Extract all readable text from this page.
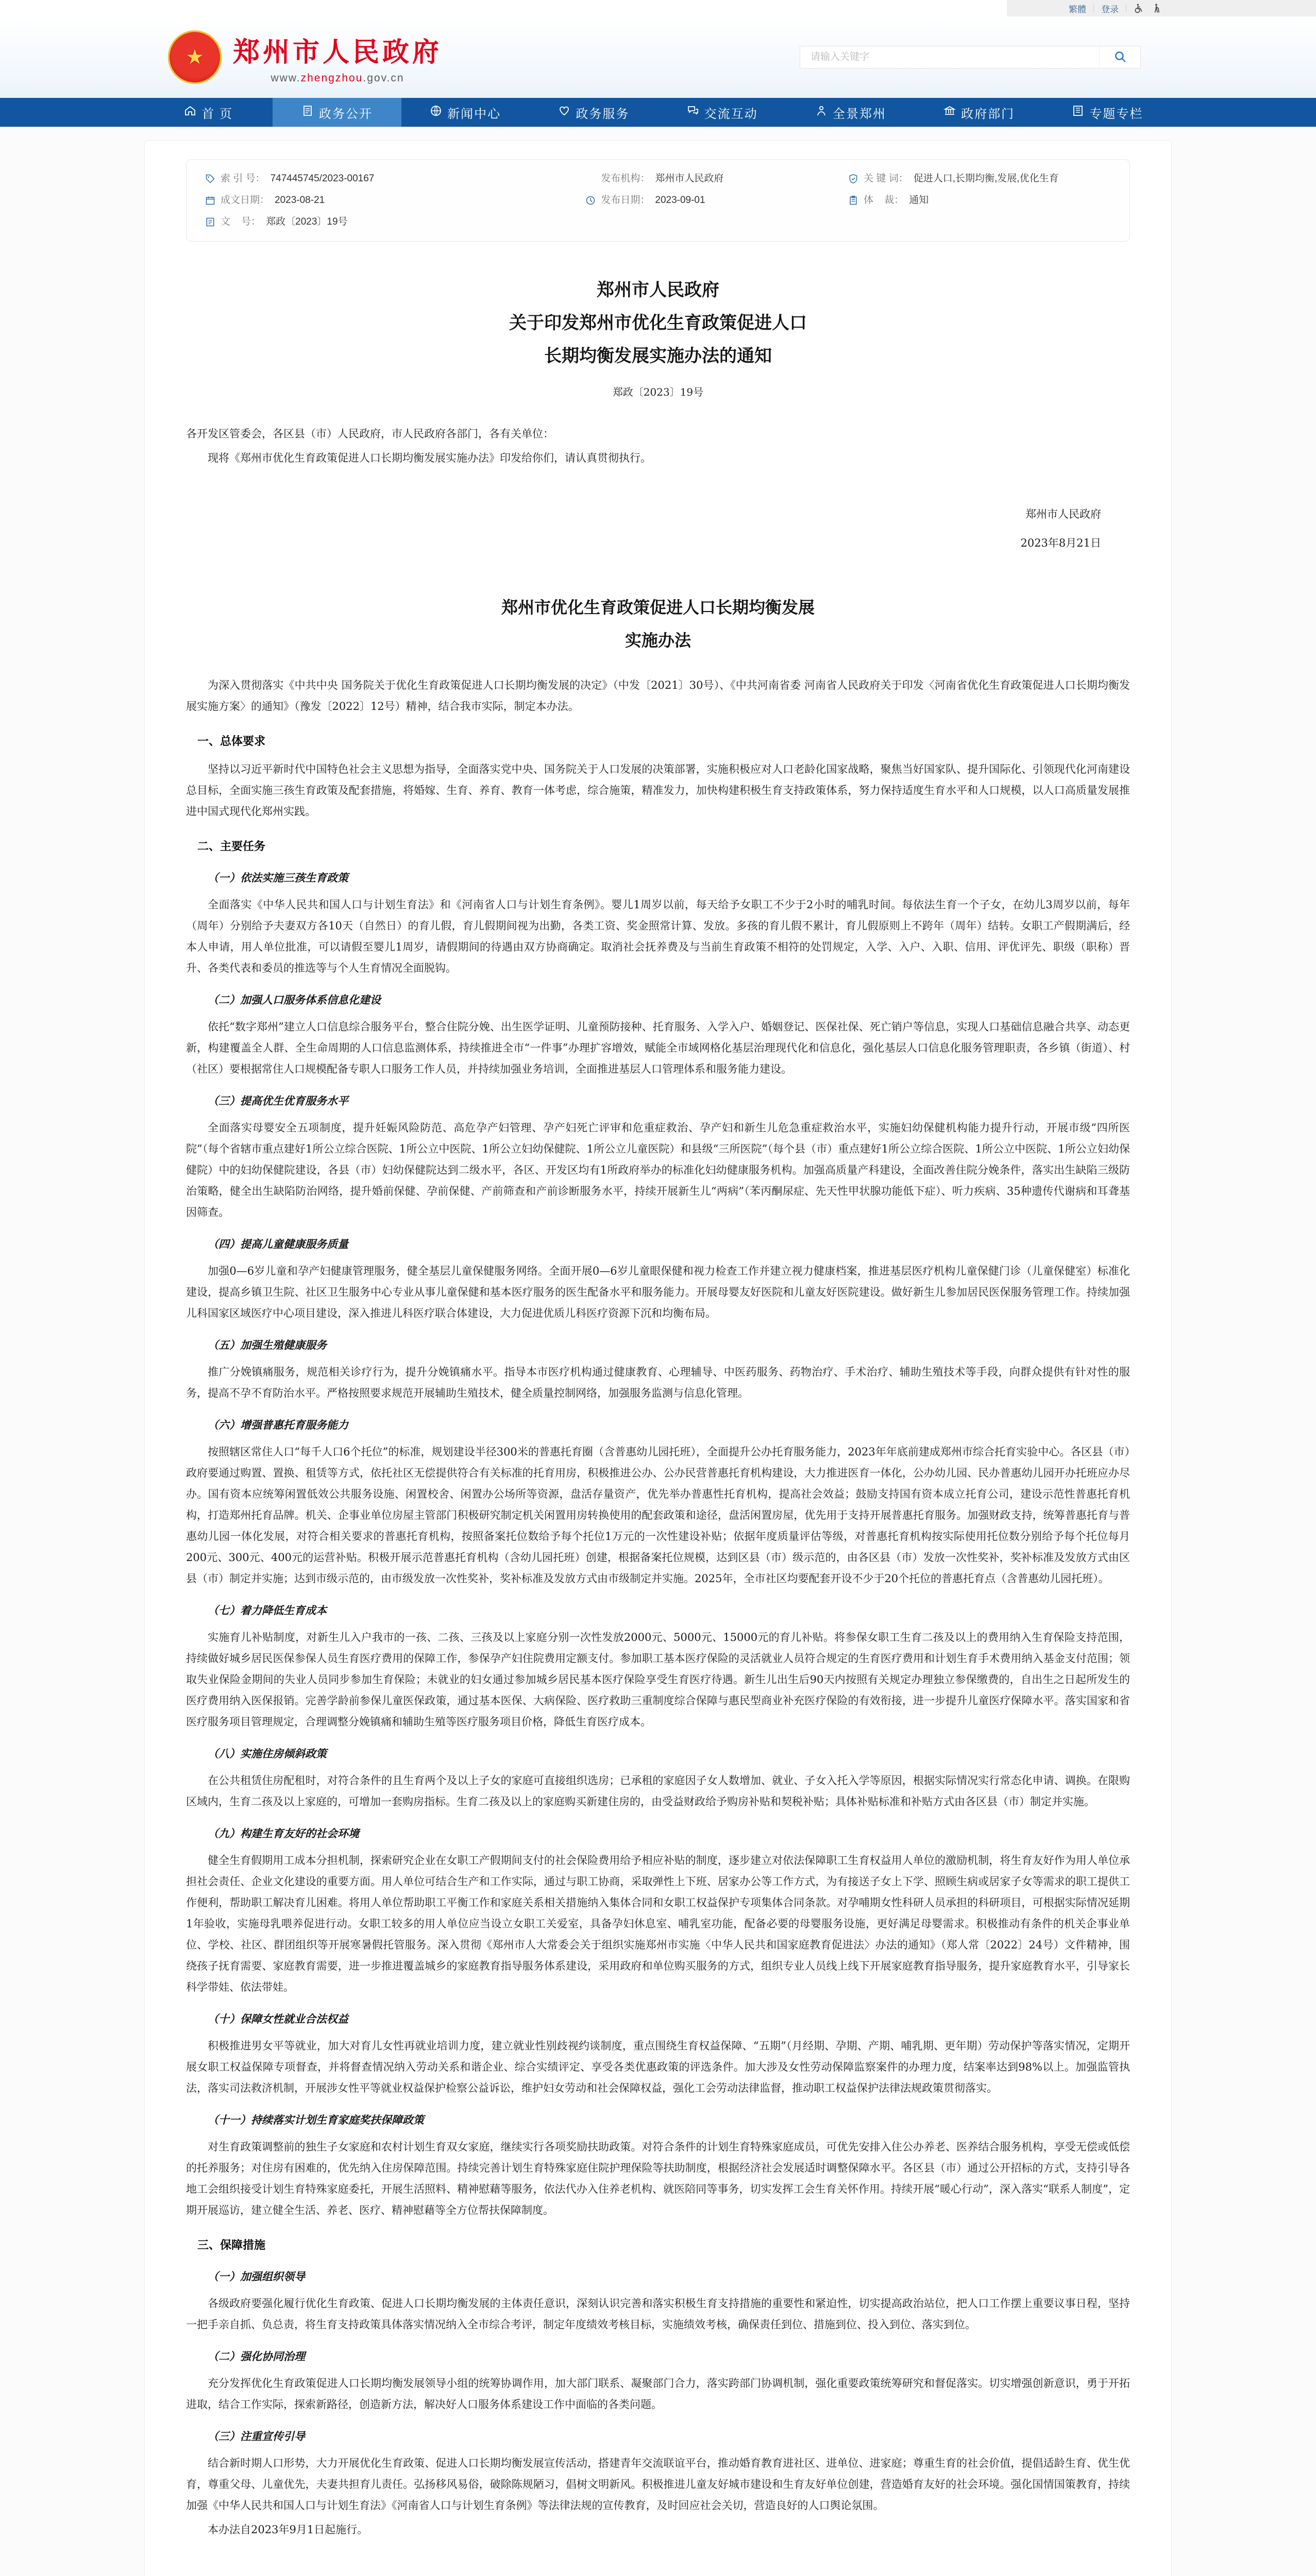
繁體 登录
★ 郑州市人民政府
www.zhengzhou.gov.cn
请输入关键字
首 页	政务公开	新闻中心	政务服务	交流互动	全景郑州	政府部门	专题专栏
索 引 号： 747445745/2023-00167
成文日期： 2023-08-21
文    号： 郑政〔2023〕19号
发布机构： 郑州市人民政府
发布日期： 2023-09-01
关 键 词： 促进人口,长期均衡,发展,优化生育
体    裁： 通知
郑州市人民政府
关于印发郑州市优化生育政策促进人口
长期均衡发展实施办法的通知
郑政〔2023〕19号

各开发区管委会，各区县（市）人民政府，市人民政府各部门，各有关单位：

现将《郑州市优化生育政策促进人口长期均衡发展实施办法》印发给你们，请认真贯彻执行。

郑州市人民政府
2023年8月21日
郑州市优化生育政策促进人口长期均衡发展
实施办法

为深入贯彻落实《中共中央 国务院关于优化生育政策促进人口长期均衡发展的决定》（中发〔2021〕30号）、《中共河南省委 河南省人民政府关于印发〈河南省优化生育政策促进人口长期均衡发展实施方案〉的通知》（豫发〔2022〕12号）精神，结合我市实际，制定本办法。

一、总体要求

坚持以习近平新时代中国特色社会主义思想为指导，全面落实党中央、国务院关于人口发展的决策部署，实施积极应对人口老龄化国家战略，聚焦当好国家队、提升国际化、引领现代化河南建设总目标，全面实施三孩生育政策及配套措施，将婚嫁、生育、养育、教育一体考虑，综合施策，精准发力，加快构建积极生育支持政策体系，努力保持适度生育水平和人口规模，以人口高质量发展推进中国式现代化郑州实践。

二、主要任务
（一）依法实施三孩生育政策

全面落实《中华人民共和国人口与计划生育法》和《河南省人口与计划生育条例》。婴儿1周岁以前，每天给予女职工不少于2小时的哺乳时间。每依法生育一个子女，在幼儿3周岁以前，每年（周年）分别给予夫妻双方各10天（自然日）的育儿假，育儿假期间视为出勤，各类工资、奖金照常计算、发放。多孩的育儿假不累计，育儿假原则上不跨年（周年）结转。女职工产假期满后，经本人申请，用人单位批准，可以请假至婴儿1周岁，请假期间的待遇由双方协商确定。取消社会抚养费及与当前生育政策不相符的处罚规定，入学、入户、入职、信用、评优评先、职级（职称）晋升、各类代表和委员的推选等与个人生育情况全面脱钩。

（二）加强人口服务体系信息化建设

依托“数字郑州”建立人口信息综合服务平台，整合住院分娩、出生医学证明、儿童预防接种、托育服务、入学入户、婚姻登记、医保社保、死亡销户等信息，实现人口基础信息融合共享、动态更新，构建覆盖全人群、全生命周期的人口信息监测体系，持续推进全市“一件事”办理扩容增效，赋能全市域网格化基层治理现代化和信息化，强化基层人口信息化服务管理职责，各乡镇（街道）、村（社区）要根据常住人口规模配备专职人口服务工作人员，并持续加强业务培训，全面推进基层人口管理体系和服务能力建设。

（三）提高优生优育服务水平

全面落实母婴安全五项制度，提升妊娠风险防范、高危孕产妇管理、孕产妇死亡评审和危重症救治、孕产妇和新生儿危急重症救治水平，实施妇幼保健机构能力提升行动，开展市级“四所医院”（每个省辖市重点建好1所公立综合医院、1所公立中医院、1所公立妇幼保健院、1所公立儿童医院）和县级“三所医院”（每个县（市）重点建好1所公立综合医院、1所公立中医院、1所公立妇幼保健院）中的妇幼保健院建设，各县（市）妇幼保健院达到二级水平，各区、开发区均有1所政府举办的标准化妇幼健康服务机构。加强高质量产科建设，全面改善住院分娩条件，落实出生缺陷三级防治策略，健全出生缺陷防治网络，提升婚前保健、孕前保健、产前筛查和产前诊断服务水平，持续开展新生儿“两病”（苯丙酮尿症、先天性甲状腺功能低下症）、听力疾病、35种遗传代谢病和耳聋基因筛查。

（四）提高儿童健康服务质量

加强0—6岁儿童和孕产妇健康管理服务，健全基层儿童保健服务网络。全面开展0—6岁儿童眼保健和视力检查工作并建立视力健康档案，推进基层医疗机构儿童保健门诊（儿童保健室）标准化建设，提高乡镇卫生院、社区卫生服务中心专业从事儿童保健和基本医疗服务的医生配备水平和服务能力。开展母婴友好医院和儿童友好医院建设。做好新生儿参加居民医保服务管理工作。持续加强儿科国家区域医疗中心项目建设，深入推进儿科医疗联合体建设，大力促进优质儿科医疗资源下沉和均衡布局。

（五）加强生殖健康服务

推广分娩镇痛服务，规范相关诊疗行为，提升分娩镇痛水平。指导本市医疗机构通过健康教育、心理辅导、中医药服务、药物治疗、手术治疗、辅助生殖技术等手段，向群众提供有针对性的服务，提高不孕不育防治水平。严格按照要求规范开展辅助生殖技术，健全质量控制网络，加强服务监测与信息化管理。

（六）增强普惠托育服务能力

按照辖区常住人口“每千人口6个托位”的标准，规划建设半径300米的普惠托育圈（含普惠幼儿园托班），全面提升公办托育服务能力，2023年年底前建成郑州市综合托育实验中心。各区县（市）政府要通过购置、置换、租赁等方式，依托社区无偿提供符合有关标准的托育用房，积极推进公办、公办民营普惠托育机构建设，大力推进医育一体化，公办幼儿园、民办普惠幼儿园开办托班应办尽办。国有资本应统筹闲置低效公共服务设施、闲置校舍、闲置办公场所等资源，盘活存量资产，优先举办普惠性托育机构，提高社会效益；鼓励支持国有资本成立托育公司，建设示范性普惠托育机构，打造郑州托育品牌。机关、企事业单位房屋主管部门积极研究制定机关闲置用房转换使用的配套政策和途径，盘活闲置房屋，优先用于支持开展普惠托育服务。加强财政支持，统筹普惠托育与普惠幼儿园一体化发展，对符合相关要求的普惠托育机构，按照备案托位数给予每个托位1万元的一次性建设补贴；依据年度质量评估等级，对普惠托育机构按实际使用托位数分别给予每个托位每月200元、300元、400元的运营补贴。积极开展示范普惠托育机构（含幼儿园托班）创建，根据备案托位规模，达到区县（市）级示范的，由各区县（市）发放一次性奖补，奖补标准及发放方式由区县（市）制定并实施；达到市级示范的，由市级发放一次性奖补，奖补标准及发放方式由市级制定并实施。2025年，全市社区均要配套开设不少于20个托位的普惠托育点（含普惠幼儿园托班）。

（七）着力降低生育成本

实施育儿补贴制度，对新生儿入户我市的一孩、二孩、三孩及以上家庭分别一次性发放2000元、5000元、15000元的育儿补贴。将参保女职工生育二孩及以上的费用纳入生育保险支持范围，持续做好城乡居民医保参保人员生育医疗费用的保障工作，参保孕产妇住院费用定额支付。参加职工基本医疗保险的灵活就业人员符合规定的生育医疗费用和计划生育手术费用纳入基金支付范围；领取失业保险金期间的失业人员同步参加生育保险；未就业的妇女通过参加城乡居民基本医疗保险享受生育医疗待遇。新生儿出生后90天内按照有关规定办理独立参保缴费的，自出生之日起所发生的医疗费用纳入医保报销。完善学龄前参保儿童医保政策，通过基本医保、大病保险、医疗救助三重制度综合保障与惠民型商业补充医疗保险的有效衔接，进一步提升儿童医疗保障水平。落实国家和省医疗服务项目管理规定，合理调整分娩镇痛和辅助生殖等医疗服务项目价格，降低生育医疗成本。

（八）实施住房倾斜政策

在公共租赁住房配租时，对符合条件的且生育两个及以上子女的家庭可直接组织选房；已承租的家庭因子女人数增加、就业、子女入托入学等原因，根据实际情况实行常态化申请、调换。在限购区域内，生育二孩及以上家庭的，可增加一套购房指标。生育二孩及以上的家庭购买新建住房的，由受益财政给予购房补贴和契税补贴；具体补贴标准和补贴方式由各区县（市）制定并实施。

（九）构建生育友好的社会环境

健全生育假期用工成本分担机制，探索研究企业在女职工产假期间支付的社会保险费用给予相应补贴的制度，逐步建立对依法保障职工生育权益用人单位的激励机制，将生育友好作为用人单位承担社会责任、企业文化建设的重要方面。用人单位可结合生产和工作实际，通过与职工协商，采取弹性上下班、居家办公等工作方式，为有接送子女上下学、照顾生病或居家子女等需求的职工提供工作便利，帮助职工解决育儿困难。将用人单位帮助职工平衡工作和家庭关系相关措施纳入集体合同和女职工权益保护专项集体合同条款。对孕哺期女性科研人员承担的科研项目，可根据实际情况延期1年验收，实施母乳喂养促进行动。女职工较多的用人单位应当设立女职工关爱室，具备孕妇休息室、哺乳室功能，配备必要的母婴服务设施，更好满足母婴需求。积极推动有条件的机关企事业单位、学校、社区、群团组织等开展寒暑假托管服务。深入贯彻《郑州市人大常委会关于组织实施郑州市实施〈中华人民共和国家庭教育促进法〉办法的通知》（郑人常〔2022〕24号）文件精神，围绕孩子抚育需要、家庭教育需要，进一步推进覆盖城乡的家庭教育指导服务体系建设，采用政府和单位购买服务的方式，组织专业人员线上线下开展家庭教育指导服务，提升家庭教育水平，引导家长科学带娃、依法带娃。

（十）保障女性就业合法权益

积极推进男女平等就业，加大对育儿女性再就业培训力度，建立就业性别歧视约谈制度，重点围绕生育权益保障、“五期”（月经期、孕期、产期、哺乳期、更年期）劳动保护等落实情况，定期开展女职工权益保障专项督查，并将督查情况纳入劳动关系和谐企业、综合实绩评定、享受各类优惠政策的评选条件。加大涉及女性劳动保障监察案件的办理力度，结案率达到98%以上。加强监管执法，落实司法救济机制，开展涉女性平等就业权益保护检察公益诉讼，维护妇女劳动和社会保障权益，强化工会劳动法律监督，推动职工权益保护法律法规政策贯彻落实。

（十一）持续落实计划生育家庭奖扶保障政策

对生育政策调整前的独生子女家庭和农村计划生育双女家庭，继续实行各项奖励扶助政策。对符合条件的计划生育特殊家庭成员，可优先安排入住公办养老、医养结合服务机构，享受无偿或低偿的托养服务；对住房有困难的，优先纳入住房保障范围。持续完善计划生育特殊家庭住院护理保险等扶助制度，根据经济社会发展适时调整保障水平。各区县（市）通过公开招标的方式，支持引导各地工会组织接受计划生育特殊家庭委托，开展生活照料、精神慰藉等服务，依法代办入住养老机构、就医陪同等事务，切实发挥工会生育关怀作用。持续开展“暖心行动”，深入落实“联系人制度”，定期开展巡访，建立健全生活、养老、医疗、精神慰藉等全方位帮扶保障制度。

三、保障措施
（一）加强组织领导

各级政府要强化履行优化生育政策、促进人口长期均衡发展的主体责任意识，深刻认识完善和落实积极生育支持措施的重要性和紧迫性，切实提高政治站位，把人口工作摆上重要议事日程，坚持一把手亲自抓、负总责，将生育支持政策具体落实情况纳入全市综合考评，制定年度绩效考核目标，实施绩效考核，确保责任到位、措施到位、投入到位、落实到位。

（二）强化协同治理

充分发挥优化生育政策促进人口长期均衡发展领导小组的统筹协调作用，加大部门联系、凝聚部门合力，落实跨部门协调机制，强化重要政策统筹研究和督促落实。切实增强创新意识，勇于开拓进取，结合工作实际，探索新路径，创造新方法，解决好人口服务体系建设工作中面临的各类问题。

（三）注重宣传引导

结合新时期人口形势，大力开展优化生育政策、促进人口长期均衡发展宣传活动，搭建青年交流联谊平台，推动婚育教育进社区、进单位、进家庭；尊重生育的社会价值，提倡适龄生育、优生优育，尊重父母、儿童优先，夫妻共担育儿责任。弘扬移风易俗，破除陈规陋习，倡树文明新风。积极推进儿童友好城市建设和生育友好单位创建，营造婚育友好的社会环境。强化国情国策教育，持续加强《中华人民共和国人口与计划生育法》《河南省人口与计划生育条例》等法律法规的宣传教育，及时回应社会关切，营造良好的人口舆论氛围。

本办法自2023年9月1日起施行。
